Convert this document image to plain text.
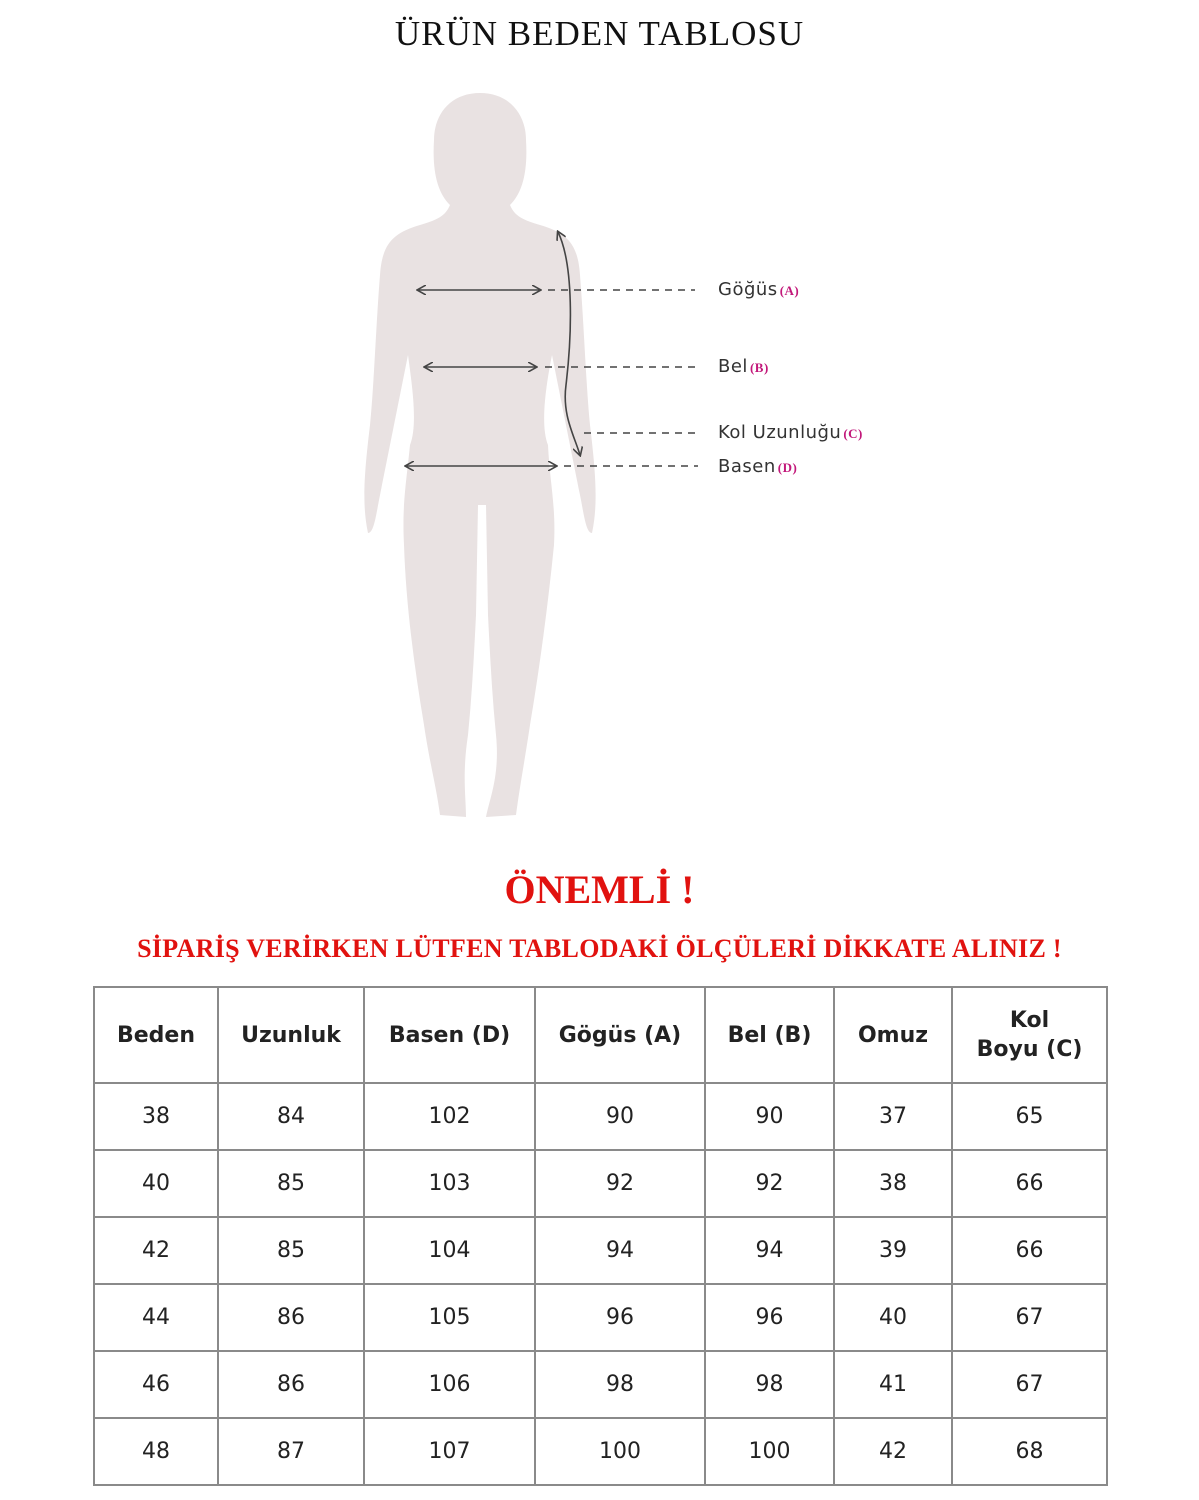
ÜRÜN BEDEN TABLOSU
Göğüs (A)
Bel (B)
Kol Uzunluğu (C)
Basen (D)
ÖNEMLİ !
SİPARİŞ VERİRKEN LÜTFEN TABLODAKİ ÖLÇÜLERİ DİKKATE ALINIZ !
Beden	Uzunluk	Basen (D)	Gögüs (A)	Bel (B)	Omuz	Kol
Boyu (C)
38	84	102	90	90	37	65
40	85	103	92	92	38	66
42	85	104	94	94	39	66
44	86	105	96	96	40	67
46	86	106	98	98	41	67
48	87	107	100	100	42	68
